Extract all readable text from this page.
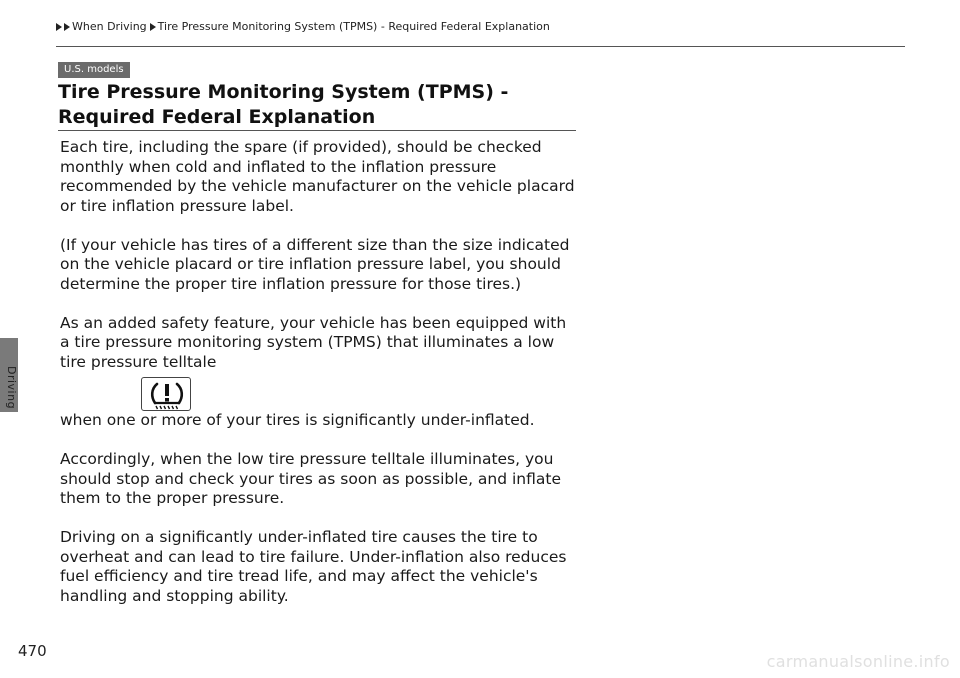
Driving
When Driving Tire Pressure Monitoring System (TPMS) - Required Federal Explanation
U.S. models
Tire Pressure Monitoring System (TPMS) - Required Federal Explanation

Each tire, including the spare (if provided), should be checked monthly when cold and inflated to the inflation pressure recommended by the vehicle manufacturer on the vehicle placard or tire inflation pressure label.

(If your vehicle has tires of a different size than the size indicated on the vehicle placard or tire inflation pressure label, you should determine the proper tire inflation pressure for those tires.)

As an added safety feature, your vehicle has been equipped with a tire pressure monitoring system (TPMS) that illuminates a low tire pressure telltale

when one or more of your tires is significantly under-inflated.

Accordingly, when the low tire pressure telltale illuminates, you should stop and check your tires as soon as possible, and inflate them to the proper pressure.

Driving on a significantly under-inflated tire causes the tire to overheat and can lead to tire failure. Under-inflation also reduces fuel efficiency and tire tread life, and may affect the vehicle's handling and stopping ability.

470
carmanualsonline.info
